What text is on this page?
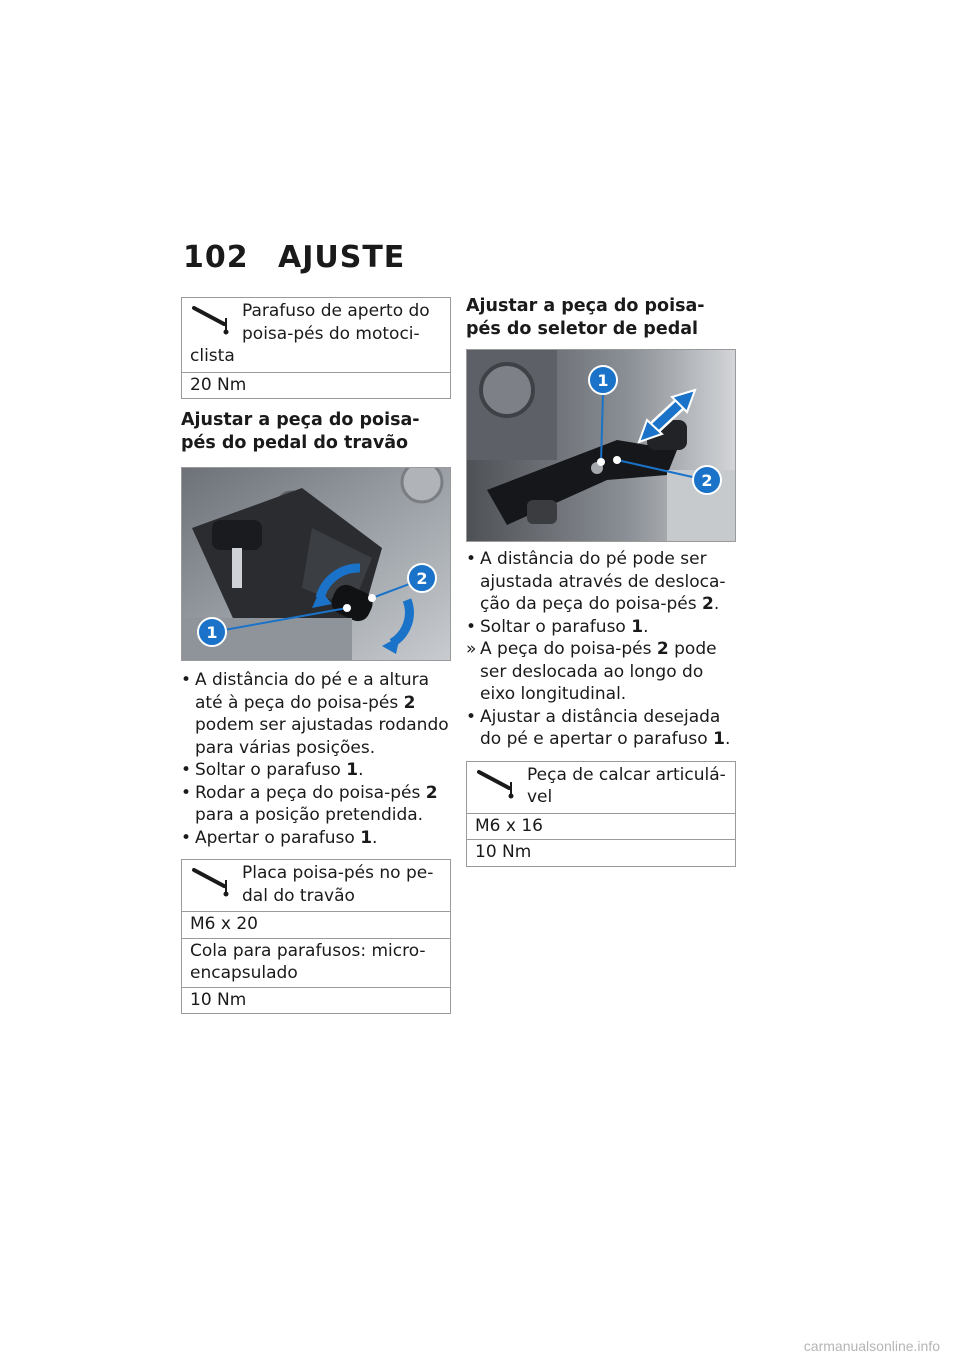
102 AJUSTE
Parafuso de aperto do poisa-pés do motoci-clista
20 Nm

Ajustar a peça do poisa-pés do pedal do travão

1
2
• A distância do pé e a altura até à peça do poisa-pés 2 podem ser ajustadas rodando para várias posições.
• Soltar o parafuso 1.
• Rodar a peça do poisa-pés 2 para a posição pretendida.
• Apertar o parafuso 1.
Placa poisa-pés no pe-dal do travão
M6 x 20
Cola para parafusos: micro-encapsulado
10 Nm

Ajustar a peça do poisa-pés do seletor de pedal

1
2
• A distância do pé pode ser ajustada através de desloca-ção da peça do poisa-pés 2.
• Soltar o parafuso 1.
» A peça do poisa-pés 2 pode ser deslocada ao longo do eixo longitudinal.
• Ajustar a distância desejada do pé e apertar o parafuso 1.
Peça de calcar articulá-vel
M6 x 16
10 Nm
carmanualsonline.info
